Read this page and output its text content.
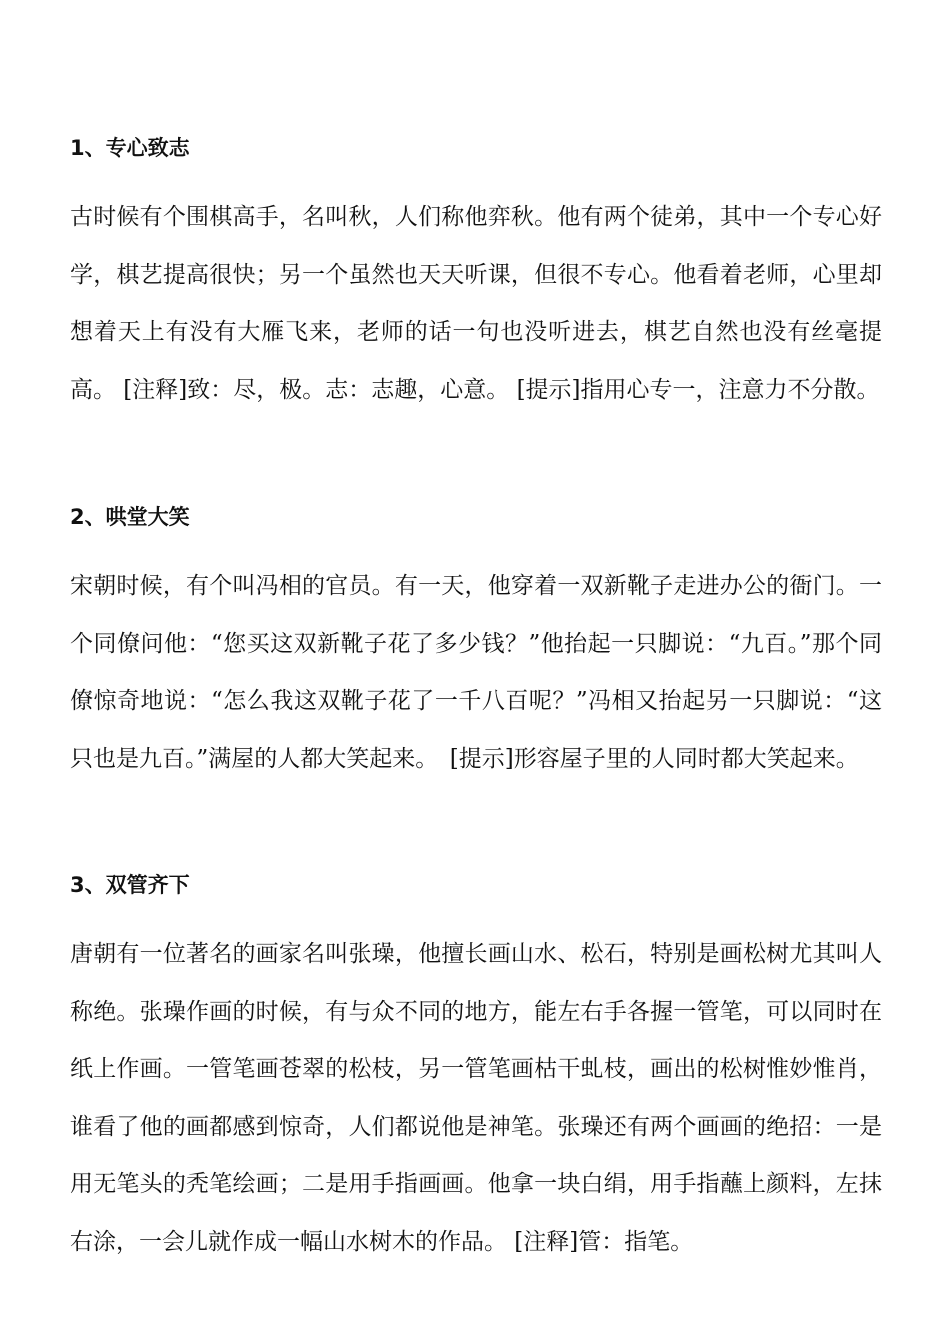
1、专心致志

古时候有个围棋高手，名叫秋，人们称他弈秋。他有两个徒弟，其中一个专心好学，棋艺提高很快；另一个虽然也天天听课，但很不专心。他看着老师，心里却想着天上有没有大雁飞来，老师的话一句也没听进去，棋艺自然也没有丝毫提高。 [注释]致：尽，极。志：志趣，心意。 [提示]指用心专一，注意力不分散。

2、哄堂大笑

宋朝时候，有个叫冯相的官员。有一天，他穿着一双新靴子走进办公的衙门。一个同僚问他：“您买这双新靴子花了多少钱？”他抬起一只脚说：“九百。”那个同僚惊奇地说：“怎么我这双靴子花了一千八百呢？”冯相又抬起另一只脚说：“这只也是九百。”满屋的人都大笑起来。　[提示]形容屋子里的人同时都大笑起来。

3、双管齐下

唐朝有一位著名的画家名叫张璪，他擅长画山水、松石，特别是画松树尤其叫人称绝。张璪作画的时候，有与众不同的地方，能左右手各握一管笔，可以同时在纸上作画。一管笔画苍翠的松枝，另一管笔画枯干虬枝，画出的松树惟妙惟肖，谁看了他的画都感到惊奇，人们都说他是神笔。张璪还有两个画画的绝招：一是用无笔头的秃笔绘画；二是用手指画画。他拿一块白绢，用手指蘸上颜料，左抹右涂，一会儿就作成一幅山水树木的作品。 [注释]管：指笔。
